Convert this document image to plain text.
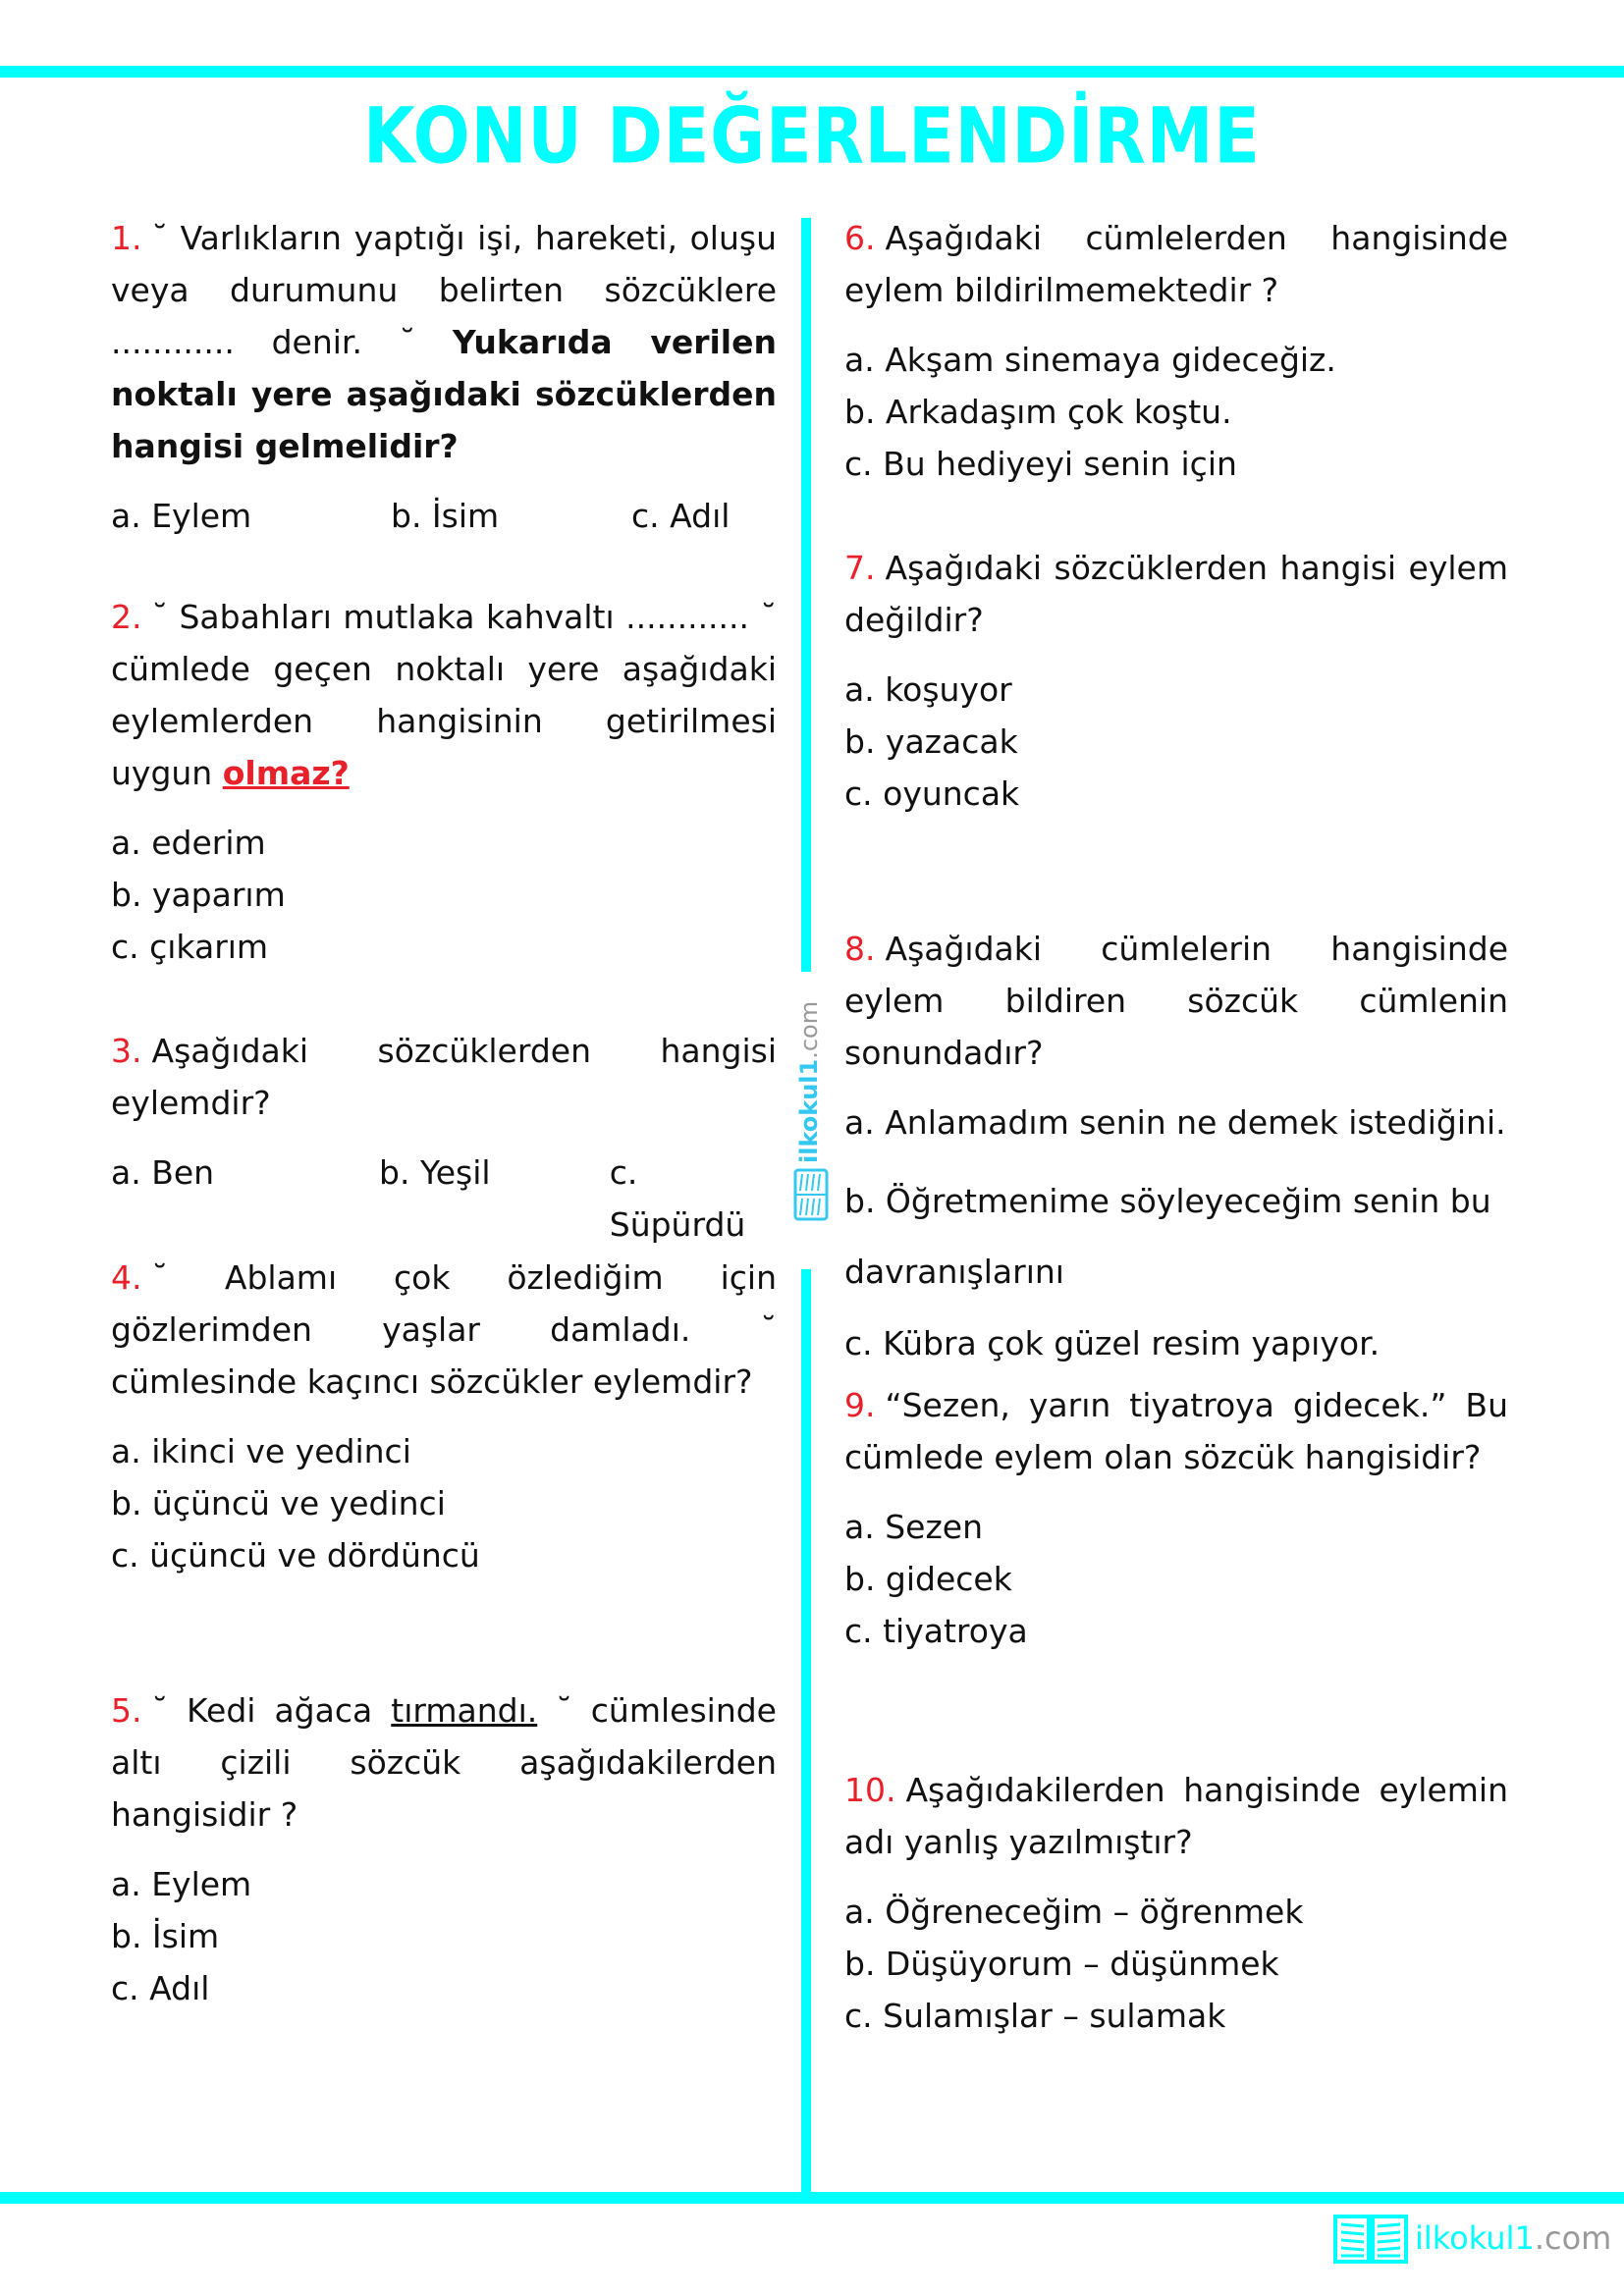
KONU DEĞERLENDİRME

1. ˘ Varlıkların yaptığı işi, hareketi, oluşu veya durumunu belirten sözcüklere ............ denir. ˘ Yukarıda verilen noktalı yere aşağıdaki sözcüklerden hangisi gelmelidir?

a. Eylem	b. İsim	c. Adıl

2. ˘ Sabahları mutlaka kahvaltı ............ ˘ cümlede geçen noktalı yere aşağıdaki eylemlerden hangisinin getirilmesi uygun olmaz?

a. ederim
b. yaparım
c. çıkarım

3. Aşağıdaki sözcüklerden hangisi eylemdir?

a. Ben	b. Yeşil	c. Süpürdü

4. ˘ Ablamı çok özlediğim için gözlerimden yaşlar damladı. ˘ cümlesinde kaçıncı sözcükler eylemdir?

a. ikinci ve yedinci
b. üçüncü ve yedinci
c. üçüncü ve dördüncü

5. ˘ Kedi ağaca tırmandı. ˘ cümlesinde altı çizili sözcük aşağıdakilerden hangisidir ?

a. Eylem
b. İsim
c. Adıl

6. Aşağıdaki cümlelerden hangisinde eylem bildirilmemektedir ?

a. Akşam sinemaya gideceğiz.
b. Arkadaşım çok koştu.
c. Bu hediyeyi senin için

7. Aşağıdaki sözcüklerden hangisi eylem değildir?

a. koşuyor
b. yazacak
c. oyuncak

8. Aşağıdaki cümlelerin hangisinde eylem bildiren sözcük cümlenin sonundadır?

a. Anlamadım senin ne demek istediğini.
b. Öğretmenime söyleyeceğim senin bu davranışlarını
c. Kübra çok güzel resim yapıyor.

9. “Sezen, yarın tiyatroya gidecek.” Bu cümlede eylem olan sözcük hangisidir?

a. Sezen
b. gidecek
c. tiyatroya

10. Aşağıdakilerden hangisinde eylemin adı yanlış yazılmıştır?

a. Öğreneceğim – öğrenmek
b. Düşüyorum – düşünmek
c. Sulamışlar – sulamak
ilkokul1.com
ilkokul1.com
